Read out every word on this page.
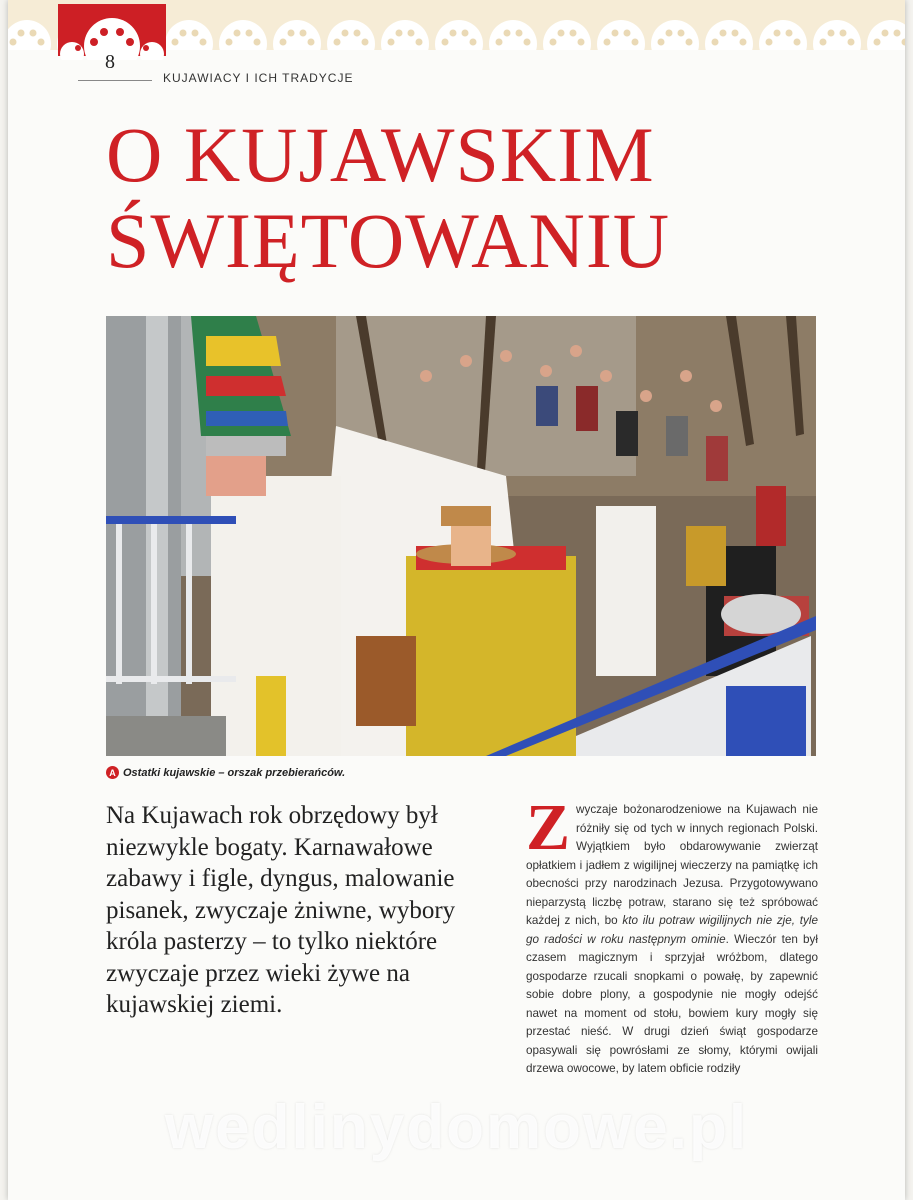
8
KUJAWIACY I ICH TRADYCJE
O KUJAWSKIM
ŚWIĘTOWANIU
A Ostatki kujawskie – orszak przebierańców.

Na Kujawach rok obrzędowy był niezwykle bogaty. Karnawałowe zabawy i figle, dyngus, malowanie pisanek, zwyczaje żniwne, wybory króla pasterzy – to tylko niektóre zwyczaje przez wieki żywe na kujawskiej ziemi.

Zwyczaje bożonarodzeniowe na Kujawach nie różniły się od tych w innych regionach Polski. Wyjątkiem było obdarowywanie zwierząt opłatkiem i jadłem z wigilijnej wieczerzy na pamiątkę ich obecności przy narodzinach Jezusa. Przygotowywano nieparzystą liczbę potraw, starano się też spróbować każdej z nich, bo kto ilu potraw wigilijnych nie zje, tyle go radości w roku następnym ominie. Wieczór ten był czasem magicznym i sprzyjał wróżbom, dlatego gospodarze rzucali snopkami o powałę, by zapewnić sobie dobre plony, a gospodynie nie mogły odejść nawet na moment od stołu, bowiem kury mogły się przestać nieść. W drugi dzień świąt gospodarze opasywali się powrósłami ze słomy, którymi owijali drzewa owocowe, by latem obficie rodziły

wedlinydomowe.pl
